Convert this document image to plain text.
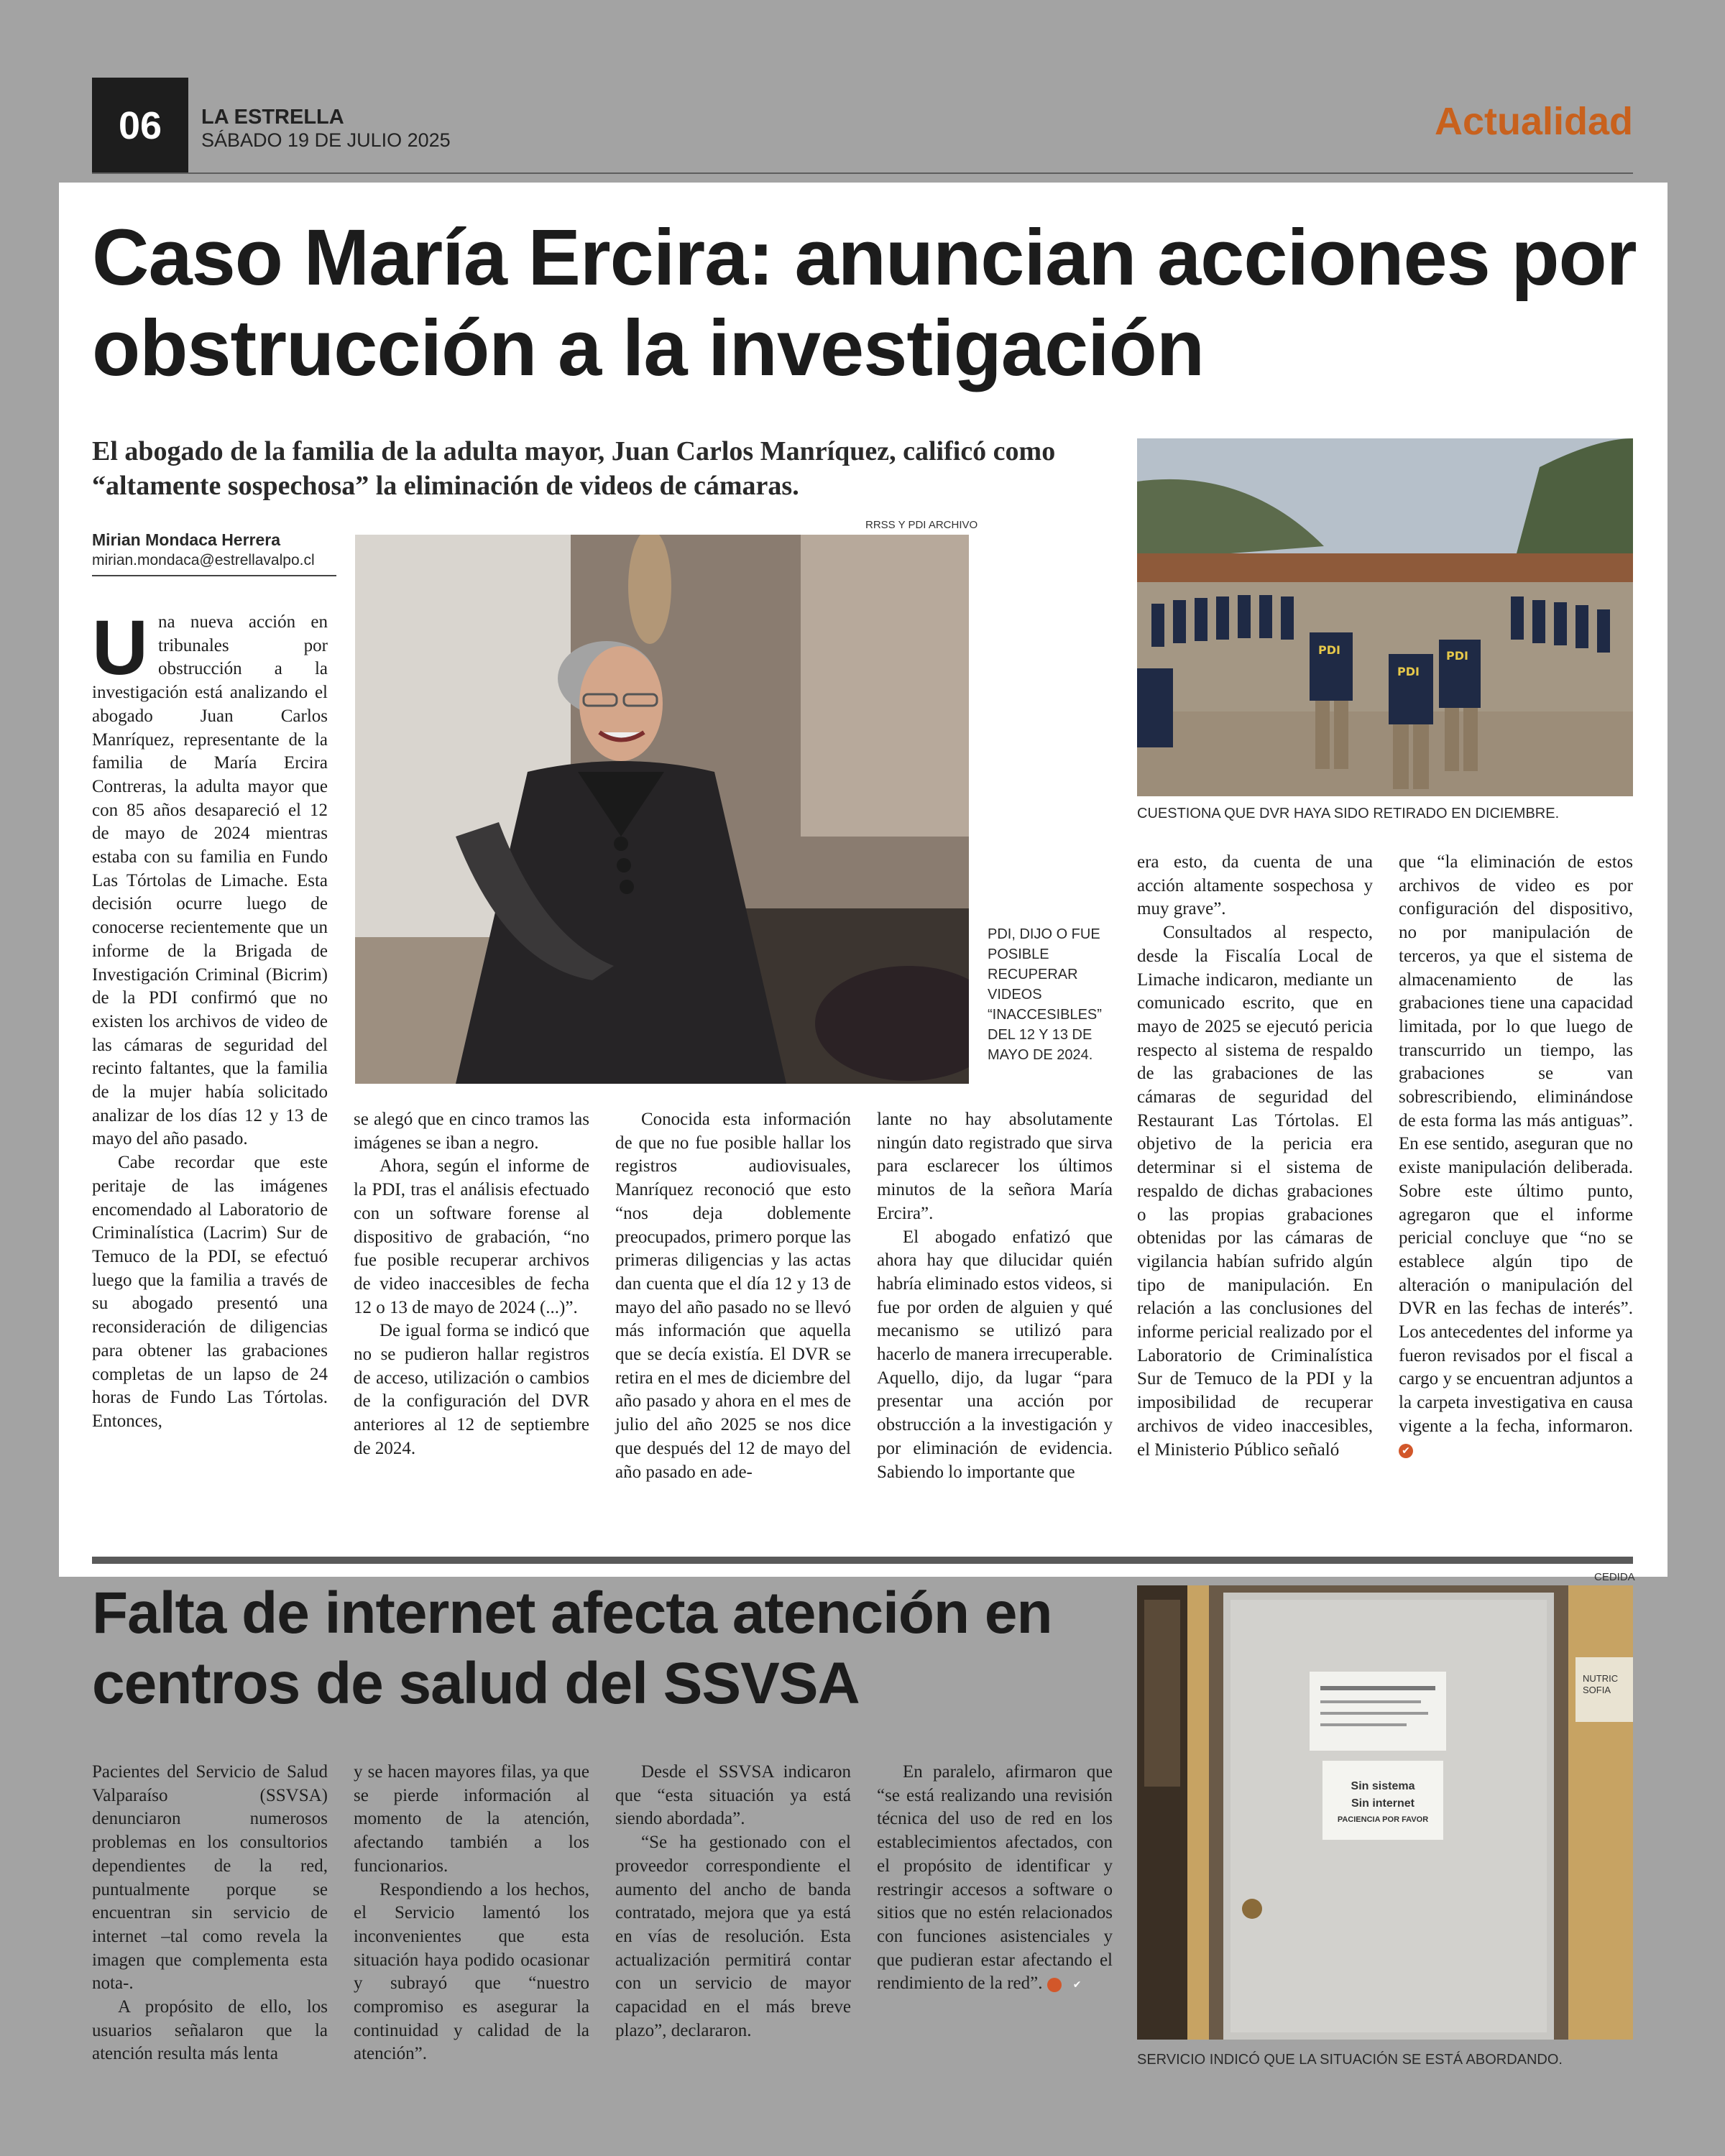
06	LA ESTRELLA
SÁBADO 19 DE JULIO 2025	Actualidad
Caso María Ercira: anuncian acciones por obstrucción a la investigación
El abogado de la familia de la adulta mayor, Juan Carlos Manríquez, calificó como “altamente sospechosa” la eliminación de videos de cámaras.
Mirian Mondaca Herrera
mirian.mondaca@estrellavalpo.cl
RRSS Y PDI ARCHIVO
PDI, DIJO O FUE POSIBLE RECUPERAR VIDEOS “INACCESIBLES” DEL 12 Y 13 DE MAYO DE 2024.
PDI
PDI
PDI
CUESTIONA QUE DVR HAYA SIDO RETIRADO EN DICIEMBRE.

Una nueva acción en tribunales por obstrucción a la investigación está analizando el abogado Juan Carlos Manríquez, representante de la familia de María Ercira Contreras, la adulta mayor que con 85 años desapareció el 12 de mayo de 2024 mientras estaba con su familia en Fundo Las Tórtolas de Limache. Esta decisión ocurre luego de conocerse recientemente que un informe de la Brigada de Investigación Criminal (Bicrim) de la PDI confirmó que no existen los archivos de video de las cámaras de seguridad del recinto faltantes, que la familia de la mujer había solicitado analizar de los días 12 y 13 de mayo del año pasado.

Cabe recordar que este peritaje de las imágenes encomendado al Laboratorio de Criminalística (Lacrim) Sur de Temuco de la PDI, se efectuó luego que la familia a través de su abogado presentó una reconsideración de diligencias para obtener las grabaciones completas de un lapso de 24 horas de Fundo Las Tórtolas. Entonces,

se alegó que en cinco tramos las imágenes se iban a negro.

Ahora, según el informe de la PDI, tras el análisis efectuado con un software forense al dispositivo de grabación, “no fue posible recuperar archivos de video inaccesibles de fecha 12 o 13 de mayo de 2024 (...)”.

De igual forma se indicó que no se pudieron hallar registros de acceso, utilización o cambios de la configuración del DVR anteriores al 12 de septiembre de 2024.

Conocida esta información de que no fue posible hallar los registros audiovisuales, Manríquez reconoció que esto “nos deja doblemente preocupados, primero porque las primeras diligencias y las actas dan cuenta que el día 12 y 13 de mayo del año pasado no se llevó más información que aquella que se decía existía. El DVR se retira en el mes de diciembre del año pasado y ahora en el mes de julio del año 2025 se nos dice que después del 12 de mayo del año pasado en ade-

lante no hay absolutamente ningún dato registrado que sirva para esclarecer los últimos minutos de la señora María Ercira”.

El abogado enfatizó que ahora hay que dilucidar quién habría eliminado estos videos, si fue por orden de alguien y qué mecanismo se utilizó para hacerlo de manera irrecuperable. Aquello, dijo, da lugar “para presentar una acción por obstrucción a la investigación y por eliminación de evidencia. Sabiendo lo importante que

era esto, da cuenta de una acción altamente sospechosa y muy grave”.

Consultados al respecto, desde la Fiscalía Local de Limache indicaron, mediante un comunicado escrito, que en mayo de 2025 se ejecutó pericia respecto al sistema de respaldo de las grabaciones de las cámaras de seguridad del Restaurant Las Tórtolas. El objetivo de la pericia era determinar si el sistema de respaldo de dichas grabaciones o las propias grabaciones obtenidas por las cámaras de vigilancia habían sufrido algún tipo de manipulación. En relación a las conclusiones del informe pericial realizado por el Laboratorio de Criminalística Sur de Temuco de la PDI y la imposibilidad de recuperar archivos de video inaccesibles, el Ministerio Público señaló

que “la eliminación de estos archivos de video es por configuración del dispositivo, no por manipulación de terceros, ya que el sistema de almacenamiento de las grabaciones tiene una capacidad limitada, por lo que luego de transcurrido un tiempo, las grabaciones se van sobrescribiendo, eliminándose de esta forma las más antiguas”. En ese sentido, aseguran que no existe manipulación deliberada. Sobre este último punto, agregaron que el informe pericial concluye que “no se establece algún tipo de alteración o manipulación del DVR en las fechas de interés”. Los antecedentes del informe ya fueron revisados por el fiscal a cargo y se encuentran adjuntos a la carpeta investigativa en causa vigente a la fecha, informaron. ✔

Falta de internet afecta atención en centros de salud del SSVSA
CEDIDA
Sin sistema
Sin internet
PACIENCIA POR FAVOR
NUTRIC SOFIA
SERVICIO INDICÓ QUE LA SITUACIÓN SE ESTÁ ABORDANDO.

Pacientes del Servicio de Salud Valparaíso (SSVSA) denunciaron numerosos problemas en los consultorios dependientes de la red, puntualmente porque se encuentran sin servicio de internet –tal como revela la imagen que complementa esta nota-.

A propósito de ello, los usuarios señalaron que la atención resulta más lenta

y se hacen mayores filas, ya que se pierde información al momento de la atención, afectando también a los funcionarios.

Respondiendo a los hechos, el Servicio lamentó los inconvenientes que esta situación haya podido ocasionar y subrayó que “nuestro compromiso es asegurar la continuidad y calidad de la atención”.

Desde el SSVSA indicaron que “esta situación ya está siendo abordada”.

“Se ha gestionado con el proveedor correspondiente el aumento del ancho de banda contratado, mejora que ya está en vías de resolución. Esta actualización permitirá contar con un servicio de mayor capacidad en el más breve plazo”, declararon.

En paralelo, afirmaron que “se está realizando una revisión técnica del uso de red en los establecimientos afectados, con el propósito de identificar y restringir accesos a software o sitios que no estén relacionados con funciones asistenciales y que pudieran estar afectando el rendimiento de la red”.	✔
